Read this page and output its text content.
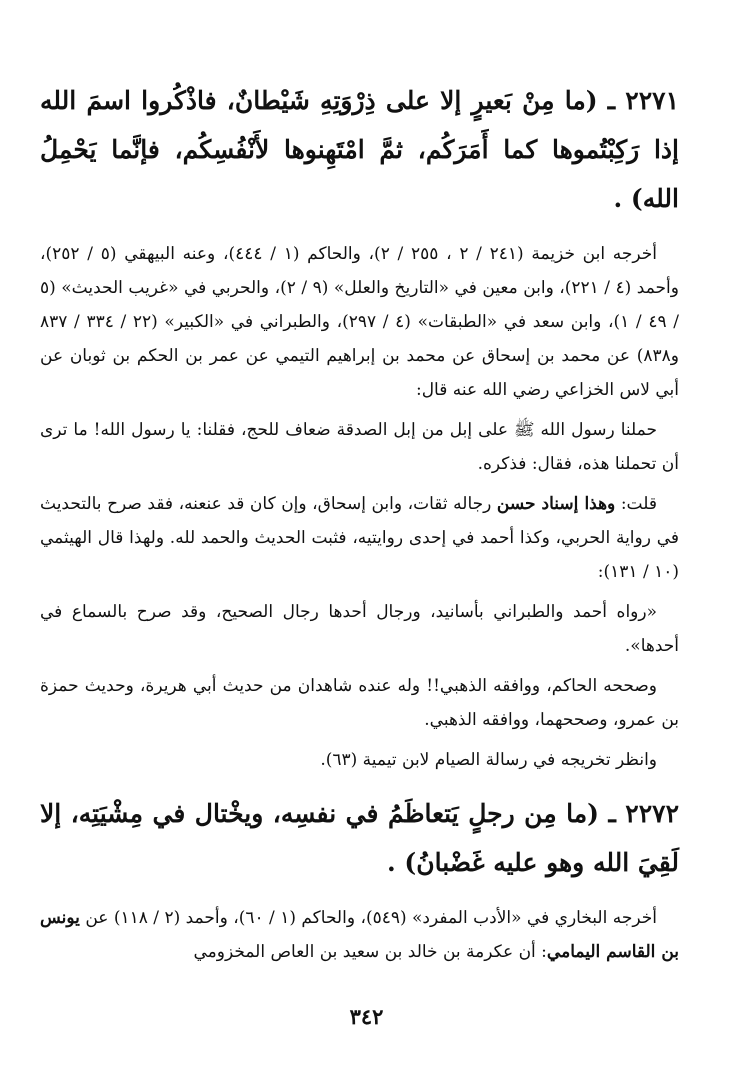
٢٢٧١ ـ (ما مِنْ بَعيرٍ إلا على ذِرْوَتِهِ شَيْطانٌ، فاذْكُروا اسمَ الله إذا رَكِبْتُموها كما أَمَرَكُم، ثمَّ امْتَهِنوها لأَنْفُسِكُم، فإنَّما يَحْمِلُ الله) .

أخرجه ابن خزيمة (٢٤١ / ٢ ، ٢٥٥ / ٢)، والحاكم (١ / ٤٤٤)، وعنه البيهقي (٥ / ٢٥٢)، وأحمد (٤ / ٢٢١)، وابن معين في «التاريخ والعلل» (٩ / ٢)، والحربي في «غريب الحديث» (٥ / ٤٩ / ١)، وابن سعد في «الطبقات» (٤ / ٢٩٧)، والطبراني في «الكبير» (٢٢ / ٣٣٤ / ٨٣٧ و٨٣٨) عن محمد بن إسحاق عن محمد بن إبراهيم التيمي عن عمر بن الحكم بن ثوبان عن أبي لاس الخزاعي رضي الله عنه قال:

حملنا رسول الله ﷺ على إبل من إبل الصدقة ضعاف للحج، فقلنا: يا رسول الله! ما ترى أن تحملنا هذه، فقال: فذكره.

قلت: وهذا إسناد حسن رجاله ثقات، وابن إسحاق، وإن كان قد عنعنه، فقد صرح بالتحديث في رواية الحربي، وكذا أحمد في إحدى روايتيه، فثبت الحديث والحمد لله. ولهذا قال الهيثمي (١٠ / ١٣١):

«رواه أحمد والطبراني بأسانيد، ورجال أحدها رجال الصحيح، وقد صرح بالسماع في أحدها».

وصححه الحاكم، ووافقه الذهبي!! وله عنده شاهدان من حديث أبي هريرة، وحديث حمزة بن عمرو، وصححهما، ووافقه الذهبي.

وانظر تخريجه في رسالة الصيام لابن تيمية (٦٣).

٢٢٧٢ ـ (ما مِن رجلٍ يَتعاظَمُ في نفسِه، ويخْتال في مِشْيَتِه، إلا لَقِيَ الله وهو عليه غَضْبانُ) .

أخرجه البخاري في «الأدب المفرد» (٥٤٩)، والحاكم (١ / ٦٠)، وأحمد (٢ / ١١٨) عن يونس بن القاسم اليمامي: أن عكرمة بن خالد بن سعيد بن العاص المخزومي

٣٤٢
